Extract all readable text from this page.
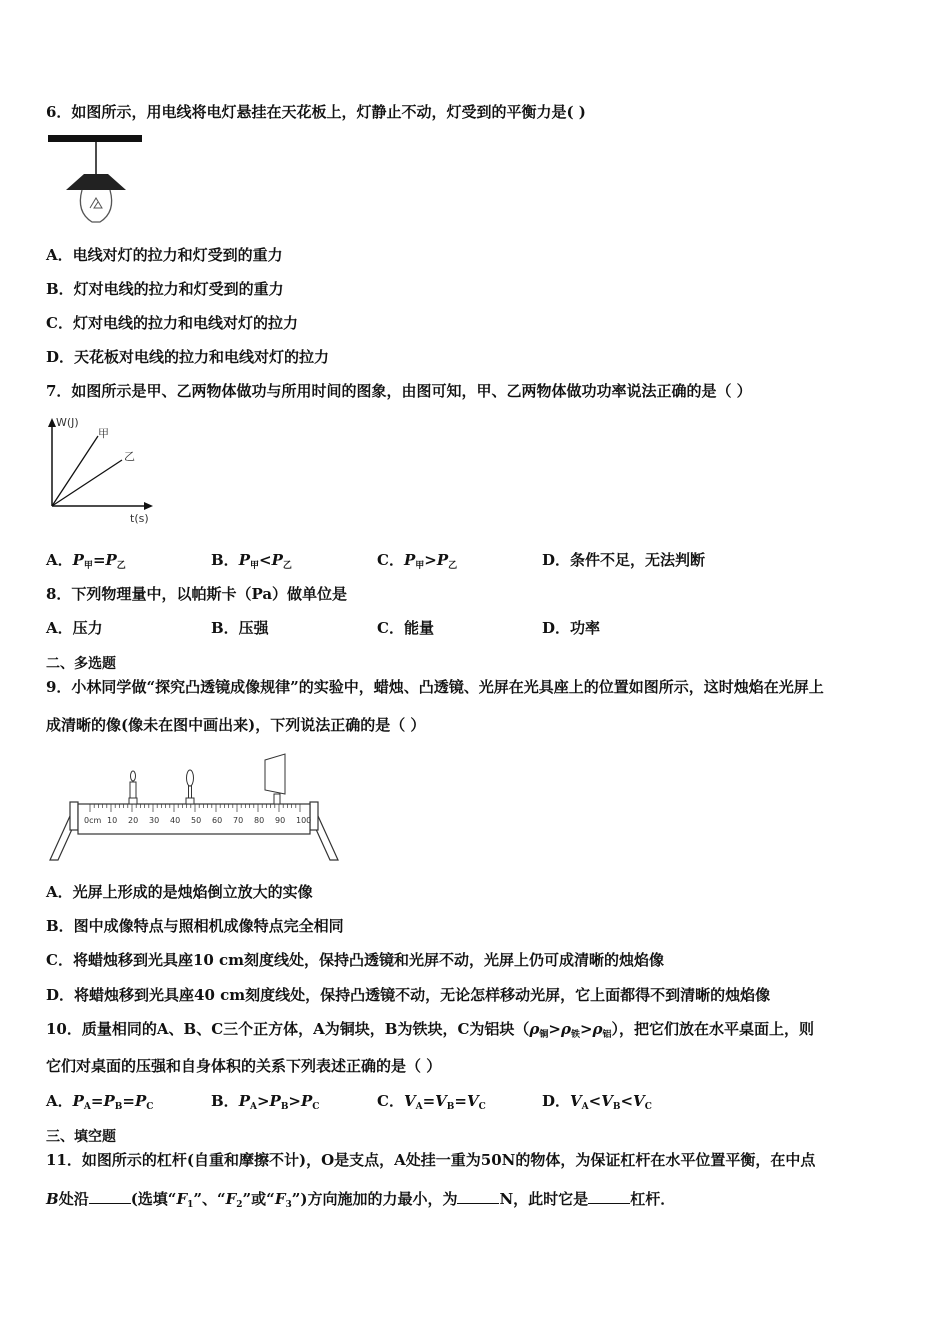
6．如图所示，用电线将电灯悬挂在天花板上，灯静止不动，灯受到的平衡力是( )
A．电线对灯的拉力和灯受到的重力
B．灯对电线的拉力和灯受到的重力
C．灯对电线的拉力和电线对灯的拉力
D．天花板对电线的拉力和电线对灯的拉力
7．如图所示是甲、乙两物体做功与所用时间的图象，由图可知，甲、乙两物体做功功率说法正确的是（ ）
W(J)
t(s)
甲
乙
A．$P_甲=P_乙$	B．$P_甲<P_乙$	C．$P_甲>P_乙$	D．条件不足，无法判断
8．下列物理量中，以帕斯卡（Pa）做单位是
A．压力	B．压强	C．能量	D．功率
二、多选题
9．小林同学做“探究凸透镜成像规律”的实验中，蜡烛、凸透镜、光屏在光具座上的位置如图所示，这时烛焰在光屏上
成清晰的像(像未在图中画出来)，下列说法正确的是（ ）
0cm 10 20 30 40 50 60 70 80 90 100
A．光屏上形成的是烛焰倒立放大的实像
B．图中成像特点与照相机成像特点完全相同
C．将蜡烛移到光具座10 cm刻度线处，保持凸透镜和光屏不动，光屏上仍可成清晰的烛焰像
D．将蜡烛移到光具座40 cm刻度线处，保持凸透镜不动，无论怎样移动光屏，它上面都得不到清晰的烛焰像
10．质量相同的A、B、C三个正方体，A为铜块，B为铁块，C为铝块$(\rho_铜>\rho_铁>\rho_铝)$，把它们放在水平桌面上，则
它们对桌面的压强和自身体积的关系下列表述正确的是（ ）
A．$P_A=P_B=P_C$	B．$P_A>P_B>P_C$	C．$V_A=V_B=V_C$	D．$V_A<V_B<V_C$
三、填空题
11．如图所示的杠杆(自重和摩擦不计)，O是支点，A处挂一重为50N的物体，为保证杠杆在水平位置平衡，在中点
B处沿	(选填“$F_1$”、“$F_2$”或“$F_3$”)方向施加的力最小，为	N，此时它是	杠杆．
